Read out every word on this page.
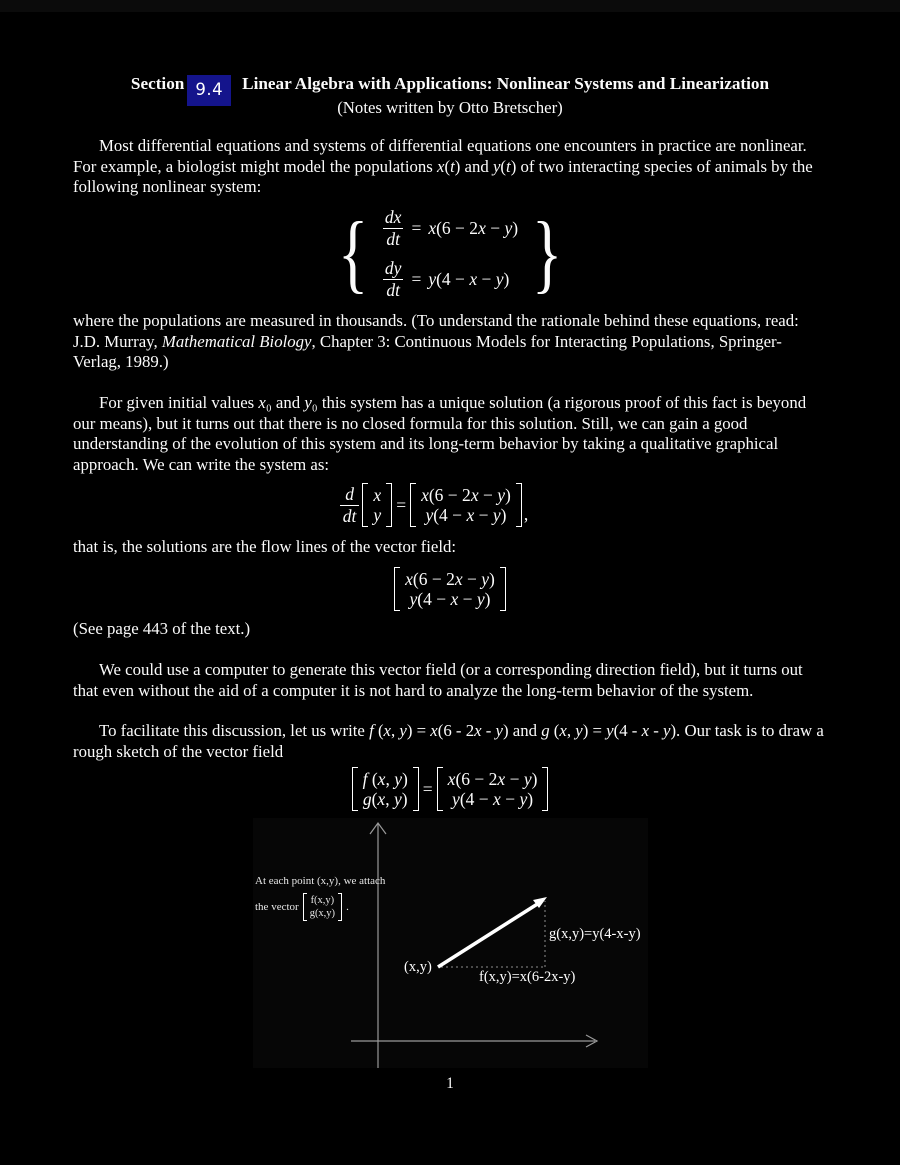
Section 9.4 Linear Algebra with Applications: Nonlinear Systems and Linearization
(Notes written by Otto Bretscher)

Most differential equations and systems of differential equations one encounters in practice are nonlinear. For example, a biologist might model the populations x(t) and y(t) of two interacting species of animals by the following nonlinear system:

{ $\frac{dx}{dt} = x(6 - 2x - y)$
$\frac{dy}{dt} = y(4 - x - y)$ }

where the populations are measured in thousands. (To understand the rationale behind these equations, read: J.D. Murray, Mathematical Biology, Chapter 3: Continuous Models for Interacting Populations, Springer-Verlag, 1989.)

For given initial values x₀ and y₀ this system has a unique solution (a rigorous proof of this fact is beyond our means), but it turns out that there is no closed formula for this solution. Still, we can gain a good understanding of the evolution of this system and its long-term behavior by taking a qualitative graphical approach. We can write the system as:

$\frac{d}{dt}$ x
y
= x(6 − 2x − y)
y(4 − x − y) ,

that is, the solutions are the flow lines of the vector field:

x(6 − 2x − y)
y(4 − x − y)

(See page 443 of the text.)

We could use a computer to generate this vector field (or a corresponding direction field), but it turns out that even without the aid of a computer it is not hard to analyze the long-term behavior of the system.

To facilitate this discussion, let us write f (x, y) = x(6 - 2x - y) and g (x, y) = y(4 - x - y). Our task is to draw a rough sketch of the vector field

f (x, y)
g(x, y)
= x(6 − 2x − y)
y(4 − x − y)
At each point (x,y), we attach
the vector
f(x,y)
g(x,y)
.
(x,y)
f(x,y)=x(6-2x-y)
g(x,y)=y(4-x-y)
1
